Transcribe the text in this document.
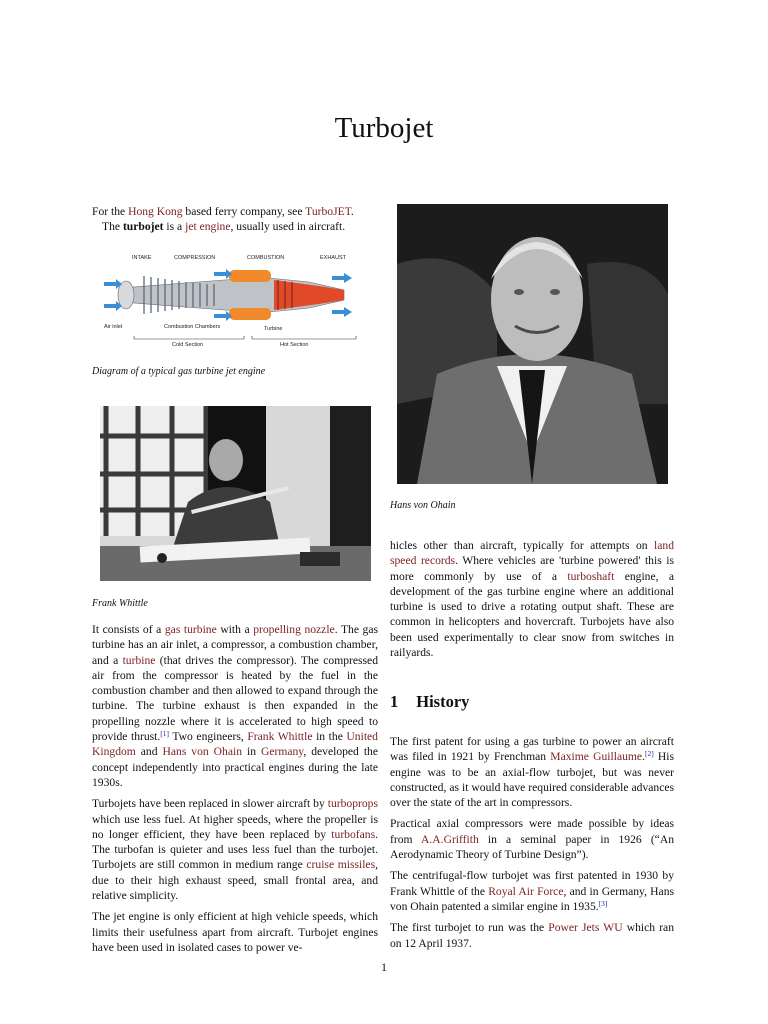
Turbojet
For the Hong Kong based ferry company, see TurboJET.
The turbojet is a jet engine, usually used in aircraft.
INTAKE	COMPRESSION	COMBUSTION	EXHAUST
Air inlet	Combustion Chambers	Turbine
Cold Section	Hot Section
Diagram of a typical gas turbine jet engine
Frank Whittle
Hans von Ohain

It consists of a gas turbine with a propelling nozzle. The gas turbine has an air inlet, a compressor, a combustion chamber, and a turbine (that drives the compressor). The compressed air from the compressor is heated by the fuel in the combustion chamber and then allowed to expand through the turbine. The turbine exhaust is then expanded in the propelling nozzle where it is accelerated to high speed to provide thrust.[1] Two engineers, Frank Whittle in the United Kingdom and Hans von Ohain in Germany, developed the concept independently into practical engines during the late 1930s.

Turbojets have been replaced in slower aircraft by turboprops which use less fuel. At higher speeds, where the propeller is no longer efficient, they have been replaced by turbofans. The turbofan is quieter and uses less fuel than the turbojet. Turbojets are still common in medium range cruise missiles, due to their high exhaust speed, small frontal area, and relative simplicity.

The jet engine is only efficient at high vehicle speeds, which limits their usefulness apart from aircraft. Turbojet engines have been used in isolated cases to power ve-

hicles other than aircraft, typically for attempts on land speed records. Where vehicles are 'turbine powered' this is more commonly by use of a turboshaft engine, a development of the gas turbine engine where an additional turbine is used to drive a rotating output shaft. These are common in helicopters and hovercraft. Turbojets have also been used experimentally to clear snow from switches in railyards.

1 History

The first patent for using a gas turbine to power an aircraft was filed in 1921 by Frenchman Maxime Guillaume.[2] His engine was to be an axial-flow turbojet, but was never constructed, as it would have required considerable advances over the state of the art in compressors.

Practical axial compressors were made possible by ideas from A.A.Griffith in a seminal paper in 1926 (“An Aerodynamic Theory of Turbine Design”).

The centrifugal-flow turbojet was first patented in 1930 by Frank Whittle of the Royal Air Force, and in Germany, Hans von Ohain patented a similar engine in 1935.[3]

The first turbojet to run was the Power Jets WU which ran on 12 April 1937.

1
